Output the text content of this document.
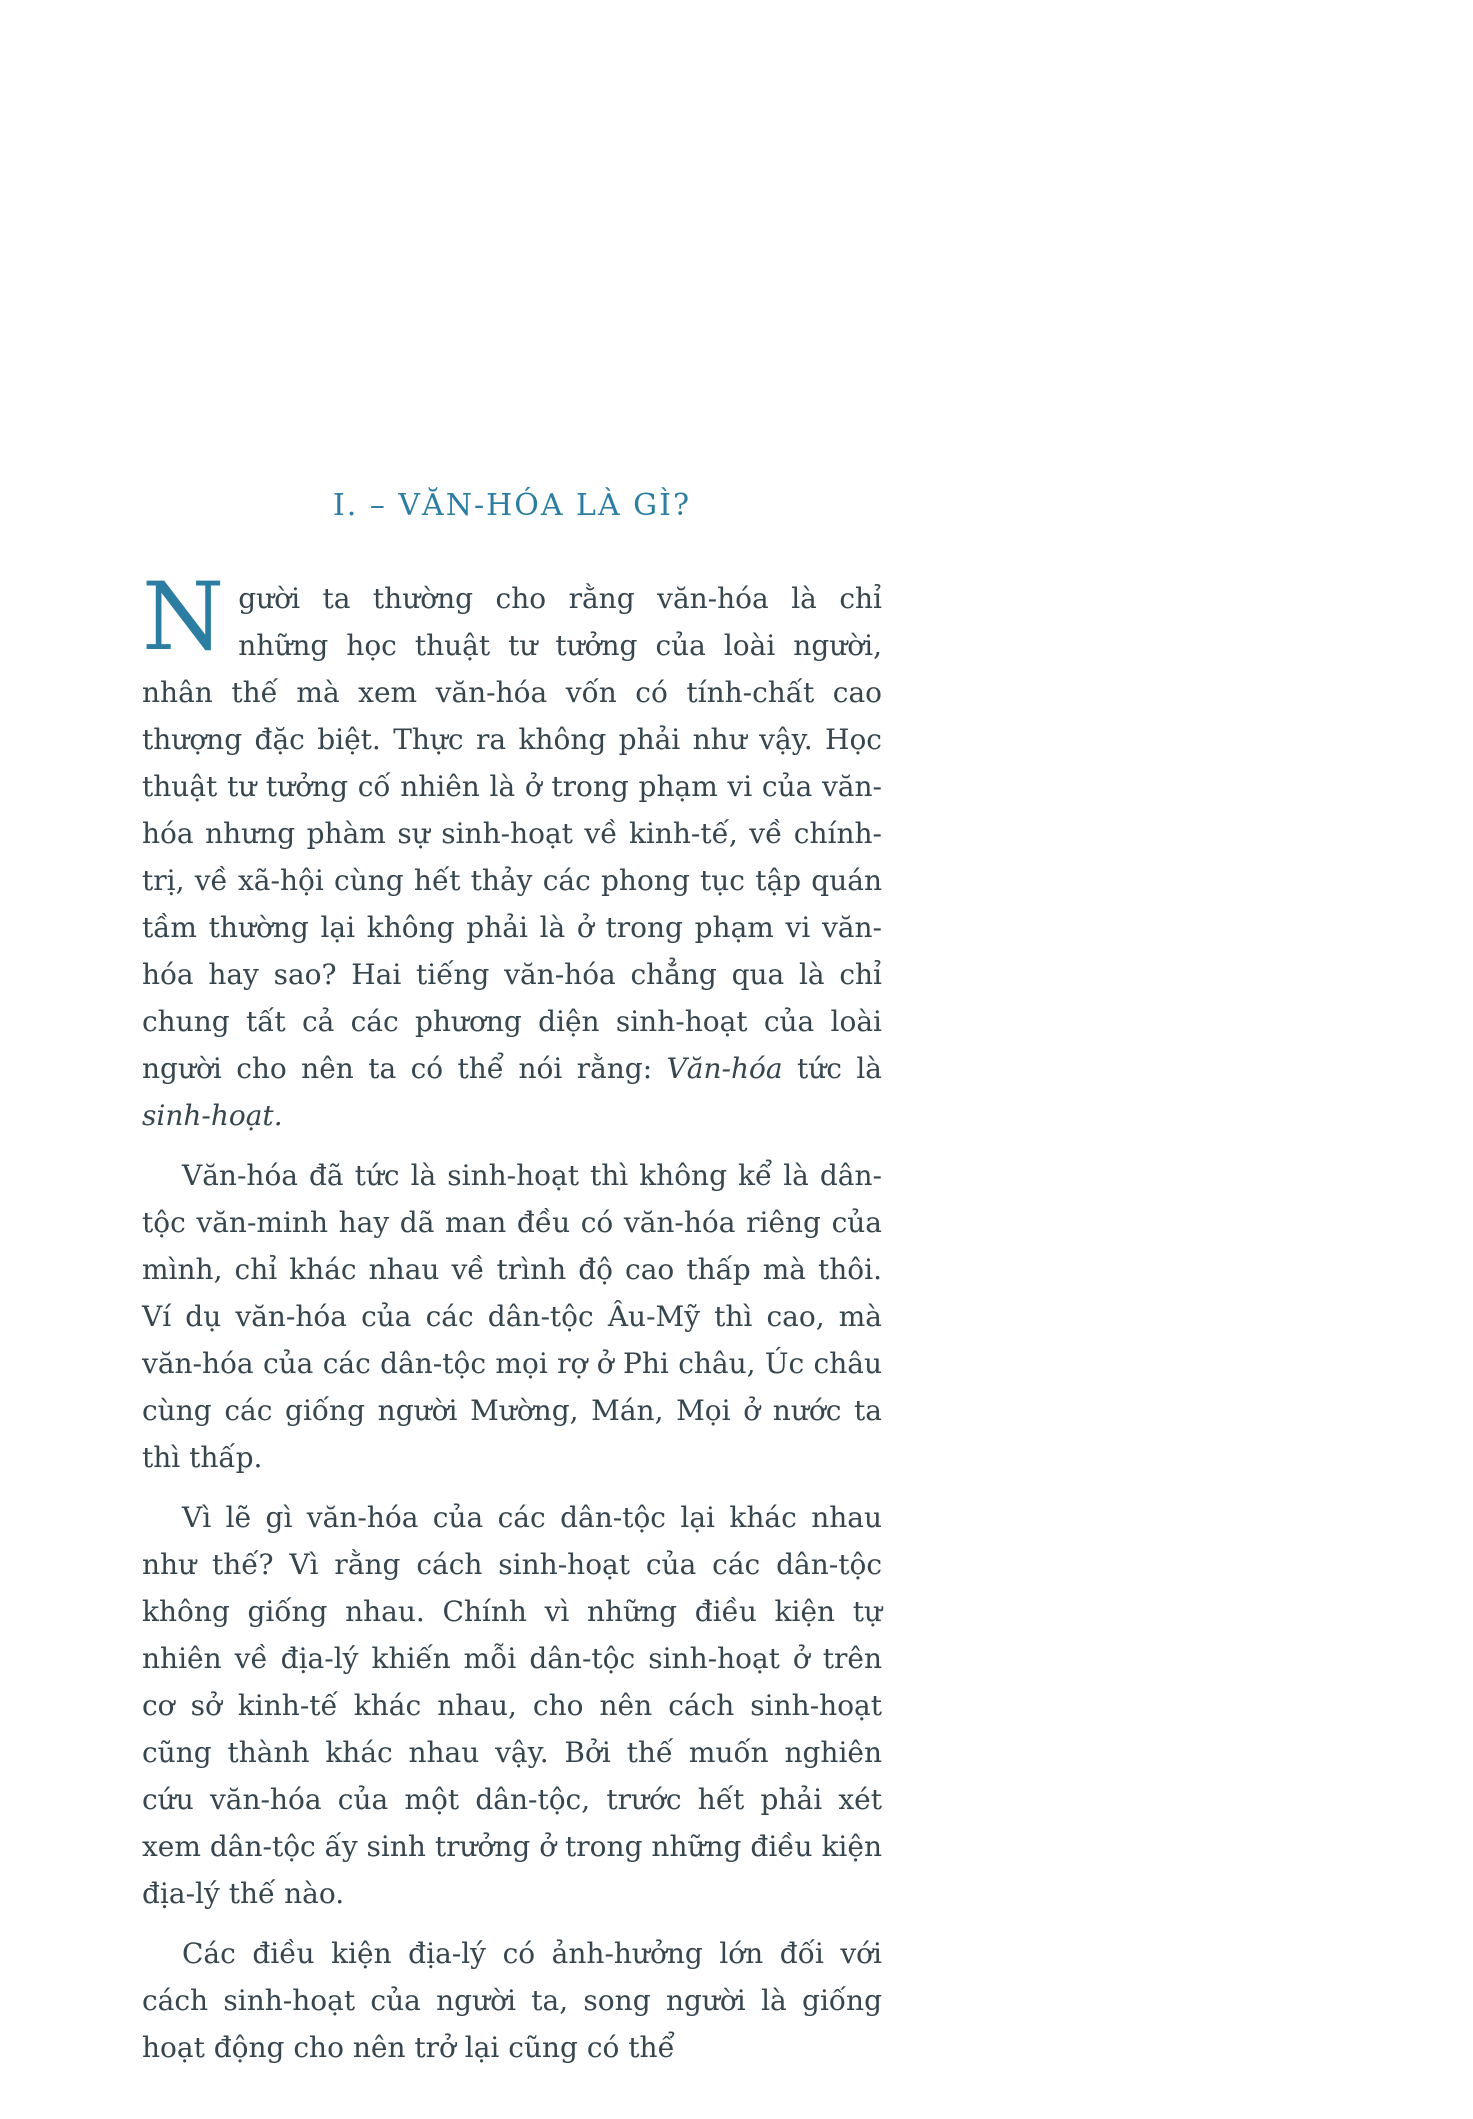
I. – VĂN-HÓA LÀ GÌ?

Người ta thường cho rằng văn-hóa là chỉ những học thuật tư tưởng của loài người, nhân thế mà xem văn-hóa vốn có tính-chất cao thượng đặc biệt. Thực ra không phải như vậy. Học thuật tư tưởng cố nhiên là ở trong phạm vi của văn-hóa nhưng phàm sự sinh-hoạt về kinh-tế, về chính-trị, về xã-hội cùng hết thảy các phong tục tập quán tầm thường lại không phải là ở trong phạm vi văn-hóa hay sao? Hai tiếng văn-hóa chẳng qua là chỉ chung tất cả các phương diện sinh-hoạt của loài người cho nên ta có thể nói rằng: Văn-hóa tức là sinh-hoạt.

Văn-hóa đã tức là sinh-hoạt thì không kể là dân-tộc văn-minh hay dã man đều có văn-hóa riêng của mình, chỉ khác nhau về trình độ cao thấp mà thôi. Ví dụ văn-hóa của các dân-tộc Âu-Mỹ thì cao, mà văn-hóa của các dân-tộc mọi rợ ở Phi châu, Úc châu cùng các giống người Mường, Mán, Mọi ở nước ta thì thấp.

Vì lẽ gì văn-hóa của các dân-tộc lại khác nhau như thế? Vì rằng cách sinh-hoạt của các dân-tộc không giống nhau. Chính vì những điều kiện tự nhiên về địa-lý khiến mỗi dân-tộc sinh-hoạt ở trên cơ sở kinh-tế khác nhau, cho nên cách sinh-hoạt cũng thành khác nhau vậy. Bởi thế muốn nghiên cứu văn-hóa của một dân-tộc, trước hết phải xét xem dân-tộc ấy sinh trưởng ở trong những điều kiện địa-lý thế nào.

Các điều kiện địa-lý có ảnh-hưởng lớn đối với cách sinh-hoạt của người ta, song người là giống hoạt động cho nên trở lại cũng có thể
